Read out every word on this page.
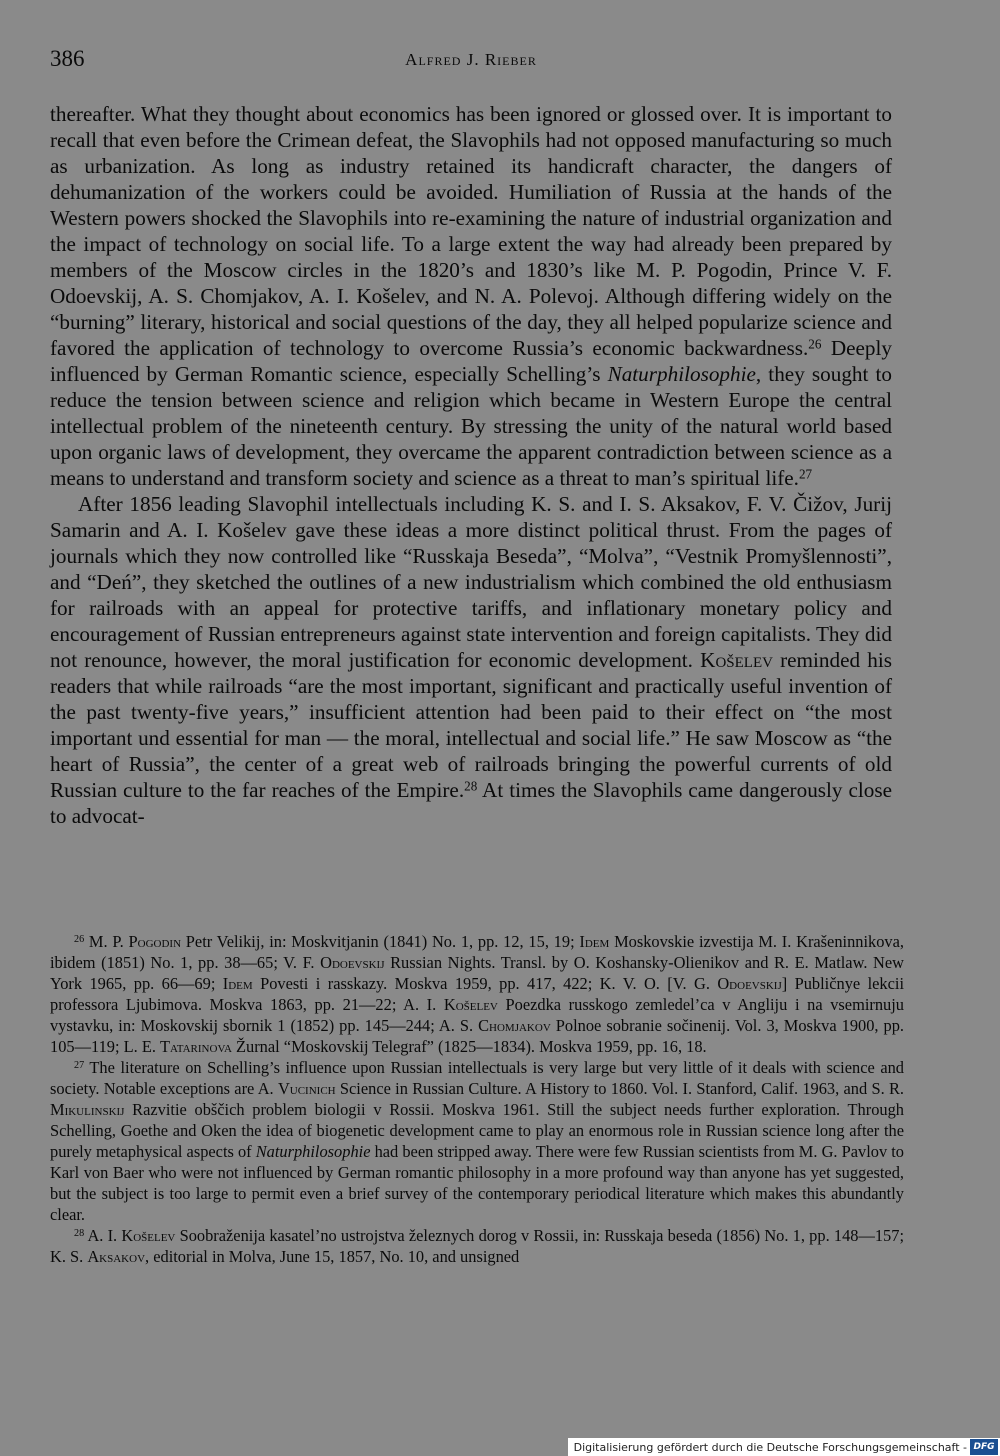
386	Alfred J. Rieber

thereafter. What they thought about economics has been ignored or glossed over. It is important to recall that even before the Crimean defeat, the Slavophils had not opposed manufacturing so much as urbanization. As long as industry retained its handicraft character, the dangers of dehumanization of the workers could be avoided. Humiliation of Russia at the hands of the Western powers shocked the Slavophils into re-examining the nature of industrial organization and the impact of technology on social life. To a large extent the way had already been prepared by members of the Moscow circles in the 1820’s and 1830’s like M. P. Pogodin, Prince V. F. Odoevskij, A. S. Chomjakov, A. I. Košelev, and N. A. Polevoj. Although differing widely on the “burning” literary, historical and social questions of the day, they all helped popularize science and favored the application of technology to overcome Russia’s economic backwardness.$^{26}$ Deeply influenced by German Romantic science, especially Schelling’s Naturphilosophie, they sought to reduce the tension between science and religion which became in Western Europe the central intellectual problem of the nineteenth century. By stressing the unity of the natural world based upon organic laws of development, they overcame the apparent contradiction between science as a means to understand and transform society and science as a threat to man’s spiritual life.$^{27}$

After 1856 leading Slavophil intellectuals including K. S. and I. S. Aksakov, F. V. Čižov, Jurij Samarin and A. I. Košelev gave these ideas a more distinct political thrust. From the pages of journals which they now controlled like “Russkaja Beseda”, “Molva”, “Vestnik Promyšlennosti”, and “Deń”, they sketched the outlines of a new industrialism which combined the old enthusiasm for railroads with an appeal for protective tariffs, and inflationary monetary policy and encouragement of Russian entrepreneurs against state intervention and foreign capitalists. They did not renounce, however, the moral justification for economic development. Košelev reminded his readers that while railroads “are the most important, significant and practically useful invention of the past twenty-five years,” insufficient attention had been paid to their effect on “the most important und essential for man — the moral, intellectual and social life.” He saw Moscow as “the heart of Russia”, the center of a great web of railroads bringing the powerful currents of old Russian culture to the far reaches of the Empire.$^{28}$ At times the Slavophils came dangerously close to advocat-

$^{26}$ M. P. Pogodin Petr Velikij, in: Moskvitjanin (1841) No. 1, pp. 12, 15, 19; Idem Moskovskie izvestija M. I. Krašeninnikova, ibidem (1851) No. 1, pp. 38—65; V. F. Odoevskij Russian Nights. Transl. by O. Koshansky-Olienikov and R. E. Matlaw. New York 1965, pp. 66—69; Idem Povesti i rasskazy. Moskva 1959, pp. 417, 422; K. V. O. [V. G. Odoevskij] Publičnye lekcii professora Ljubimova. Moskva 1863, pp. 21—22; A. I. Košelev Poezdka russkogo zemledel’ca v Angliju i na vsemirnuju vystavku, in: Moskovskij sbornik 1 (1852) pp. 145—244; A. S. Chomjakov Polnoe sobranie sočinenij. Vol. 3, Moskva 1900, pp. 105—119; L. E. Tatarinova Žurnal “Moskovskij Telegraf” (1825—1834). Moskva 1959, pp. 16, 18.

$^{27}$ The literature on Schelling’s influence upon Russian intellectuals is very large but very little of it deals with science and society. Notable exceptions are A. Vucinich Science in Russian Culture. A History to 1860. Vol. I. Stanford, Calif. 1963, and S. R. Mikulinskij Razvitie obščich problem biologii v Rossii. Moskva 1961. Still the subject needs further exploration. Through Schelling, Goethe and Oken the idea of biogenetic development came to play an enormous role in Russian science long after the purely metaphysical aspects of Naturphilosophie had been stripped away. There were few Russian scientists from M. G. Pavlov to Karl von Baer who were not influenced by German romantic philosophy in a more profound way than anyone has yet suggested, but the subject is too large to permit even a brief survey of the contemporary periodical literature which makes this abundantly clear.

$^{28}$ A. I. Košelev Soobraženija kasatel’no ustrojstva železnych dorog v Rossii, in: Russkaja beseda (1856) No. 1, pp. 148—157; K. S. Aksakov, editorial in Molva, June 15, 1857, No. 10, and unsigned

Digitalisierung gefördert durch die Deutsche Forschungsgemeinschaft - DFG
